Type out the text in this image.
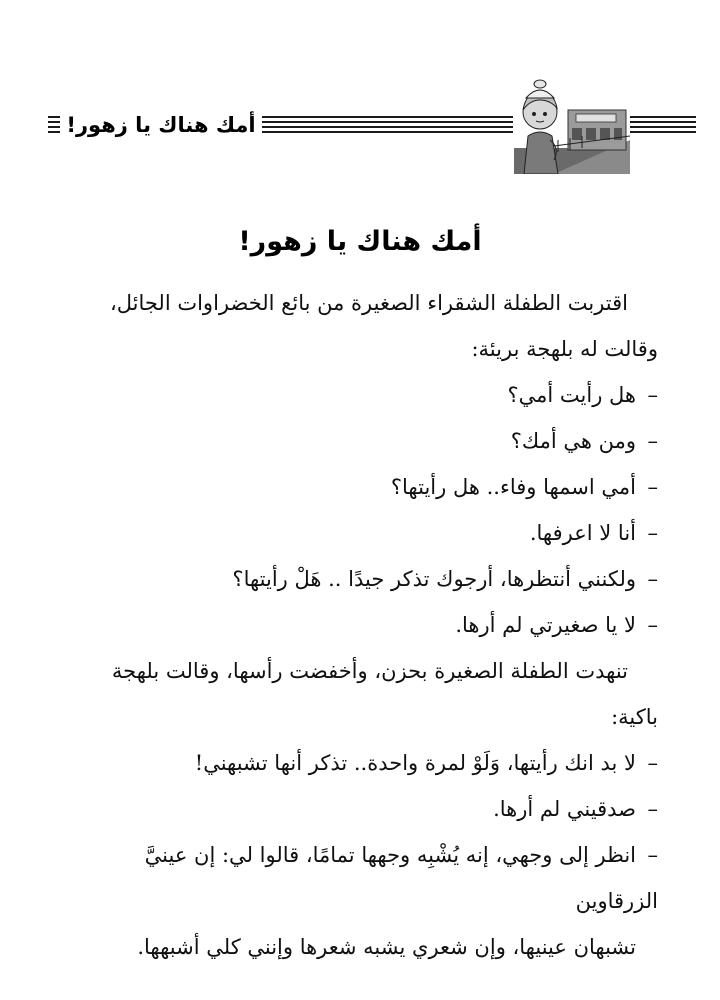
أمك هناك يا زهور!
أمك هناك يا زهور!

اقتربت الطفلة الشقراء الصغيرة من بائع الخضراوات الجائل،

وقالت له بلهجة بريئة:

–هل رأيت أمي؟

–ومن هي أمك؟

–أمي اسمها وفاء.. هل رأيتها؟

–أنا لا اعرفها.

–ولكنني أنتظرها، أرجوك تذكر جيدًا .. هَلْ رأيتها؟

–لا يا صغيرتي لم أرها.

تنهدت الطفلة الصغيرة بحزن، وأخفضت رأسها، وقالت بلهجة

باكية:

–لا بد انك رأيتها، وَلَوْ لمرة واحدة.. تذكر أنها تشبهني!

–صدقيني لم أرها.

–انظر إلى وجهي، إنه يُشْبِه وجهها تمامًا، قالوا لي: إن عينيَّ الزرقاوين

تشبهان عينيها، وإن شعري يشبه شعرها وإنني كلي أشبهها.
